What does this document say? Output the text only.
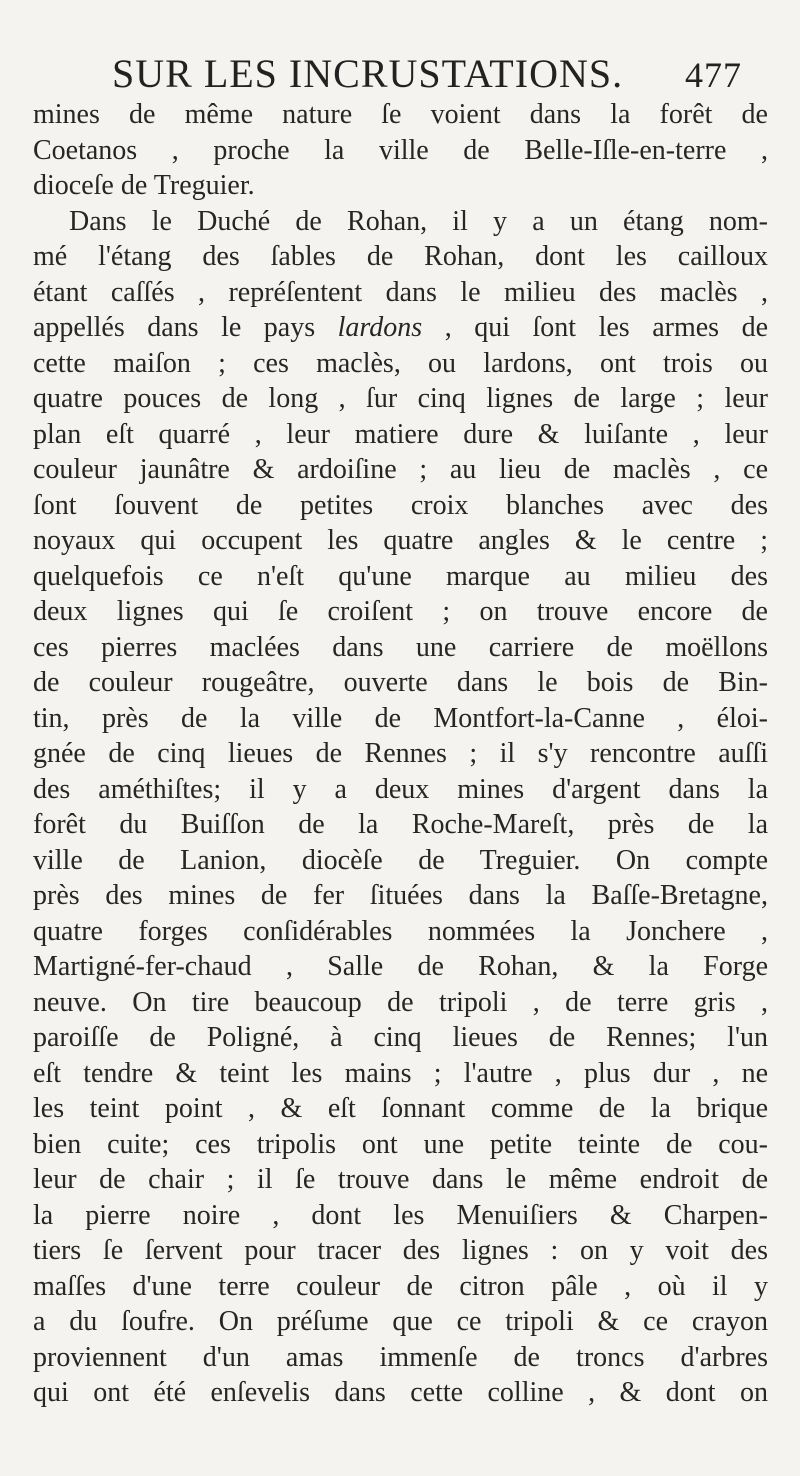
SUR LES INCRUSTATIONS. 477
mines de même nature ſe voient dans la forêt de
Coetanos , proche la ville de Belle-Iſle-en-terre ,
dioceſe de Treguier.
Dans le Duché de Rohan, il y a un étang nom-
mé l'étang des ſables de Rohan, dont les cailloux
étant caſſés , repréſentent dans le milieu des maclès ,
appellés dans le pays lardons , qui ſont les armes de
cette maiſon ; ces maclès, ou lardons, ont trois ou
quatre pouces de long , ſur cinq lignes de large ; leur
plan eſt quarré , leur matiere dure & luiſante , leur
couleur jaunâtre & ardoiſine ; au lieu de maclès , ce
ſont ſouvent de petites croix blanches avec des
noyaux qui occupent les quatre angles & le centre ;
quelquefois ce n'eſt qu'une marque au milieu des
deux lignes qui ſe croiſent ; on trouve encore de
ces pierres maclées dans une carriere de moëllons
de couleur rougeâtre, ouverte dans le bois de Bin-
tin, près de la ville de Montfort-la-Canne , éloi-
gnée de cinq lieues de Rennes ; il s'y rencontre auſſi
des améthiſtes; il y a deux mines d'argent dans la
forêt du Buiſſon de la Roche-Mareſt, près de la
ville de Lanion, diocèſe de Treguier. On compte
près des mines de fer ſituées dans la Baſſe-Bretagne,
quatre forges conſidérables nommées la Jonchere ,
Martigné-fer-chaud , Salle de Rohan, & la Forge
neuve. On tire beaucoup de tripoli , de terre gris ,
paroiſſe de Poligné, à cinq lieues de Rennes; l'un
eſt tendre & teint les mains ; l'autre , plus dur , ne
les teint point , & eſt ſonnant comme de la brique
bien cuite; ces tripolis ont une petite teinte de cou-
leur de chair ; il ſe trouve dans le même endroit de
la pierre noire , dont les Menuiſiers & Charpen-
tiers ſe ſervent pour tracer des lignes : on y voit des
maſſes d'une terre couleur de citron pâle , où il y
a du ſoufre. On préſume que ce tripoli & ce crayon
proviennent d'un amas immenſe de troncs d'arbres
qui ont été enſevelis dans cette colline , & dont on
